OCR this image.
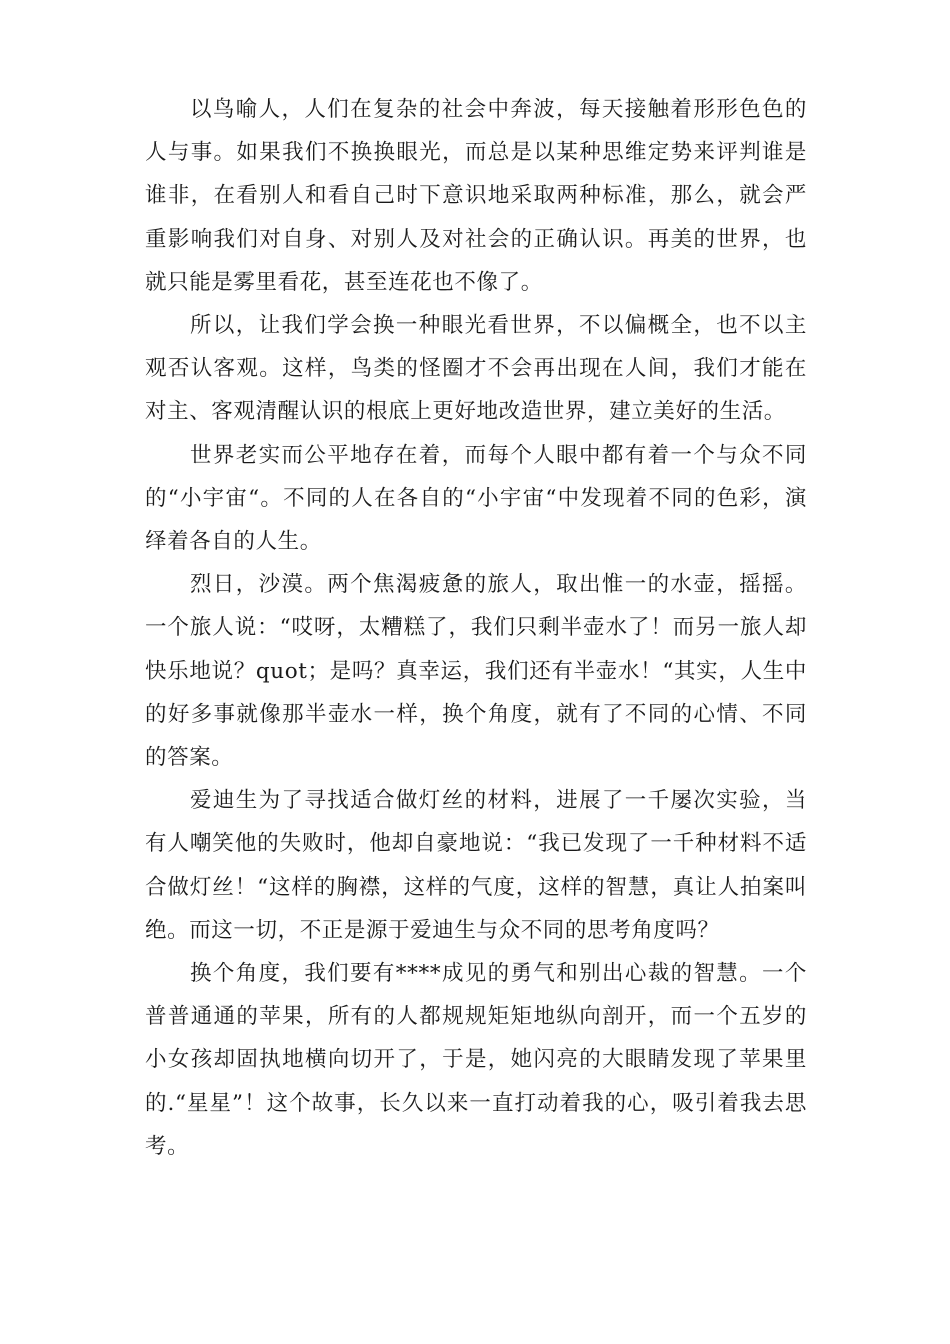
以鸟喻人，人们在复杂的社会中奔波，每天接触着形形色色的人与事。如果我们不换换眼光，而总是以某种思维定势来评判谁是谁非，在看别人和看自己时下意识地采取两种标准，那么，就会严重影响我们对自身、对别人及对社会的正确认识。再美的世界，也就只能是雾里看花，甚至连花也不像了。

所以，让我们学会换一种眼光看世界，不以偏概全，也不以主观否认客观。这样，鸟类的怪圈才不会再出现在人间，我们才能在对主、客观清醒认识的根底上更好地改造世界，建立美好的生活。

世界老实而公平地存在着，而每个人眼中都有着一个与众不同的“小宇宙“。不同的人在各自的“小宇宙“中发现着不同的色彩，演绎着各自的人生。

烈日，沙漠。两个焦渴疲惫的旅人，取出惟一的水壶，摇摇。一个旅人说：“哎呀，太糟糕了，我们只剩半壶水了！而另一旅人却快乐地说？quot；是吗？真幸运，我们还有半壶水！“其实，人生中的好多事就像那半壶水一样，换个角度，就有了不同的心情、不同的答案。

爱迪生为了寻找适合做灯丝的材料，进展了一千屡次实验，当有人嘲笑他的失败时，他却自豪地说：“我已发现了一千种材料不适合做灯丝！“这样的胸襟，这样的气度，这样的智慧，真让人拍案叫绝。而这一切，不正是源于爱迪生与众不同的思考角度吗？

换个角度，我们要有****成见的勇气和别出心裁的智慧。一个普普通通的苹果，所有的人都规规矩矩地纵向剖开，而一个五岁的小女孩却固执地横向切开了，于是，她闪亮的大眼睛发现了苹果里的.“星星”！这个故事，长久以来一直打动着我的心，吸引着我去思考。
